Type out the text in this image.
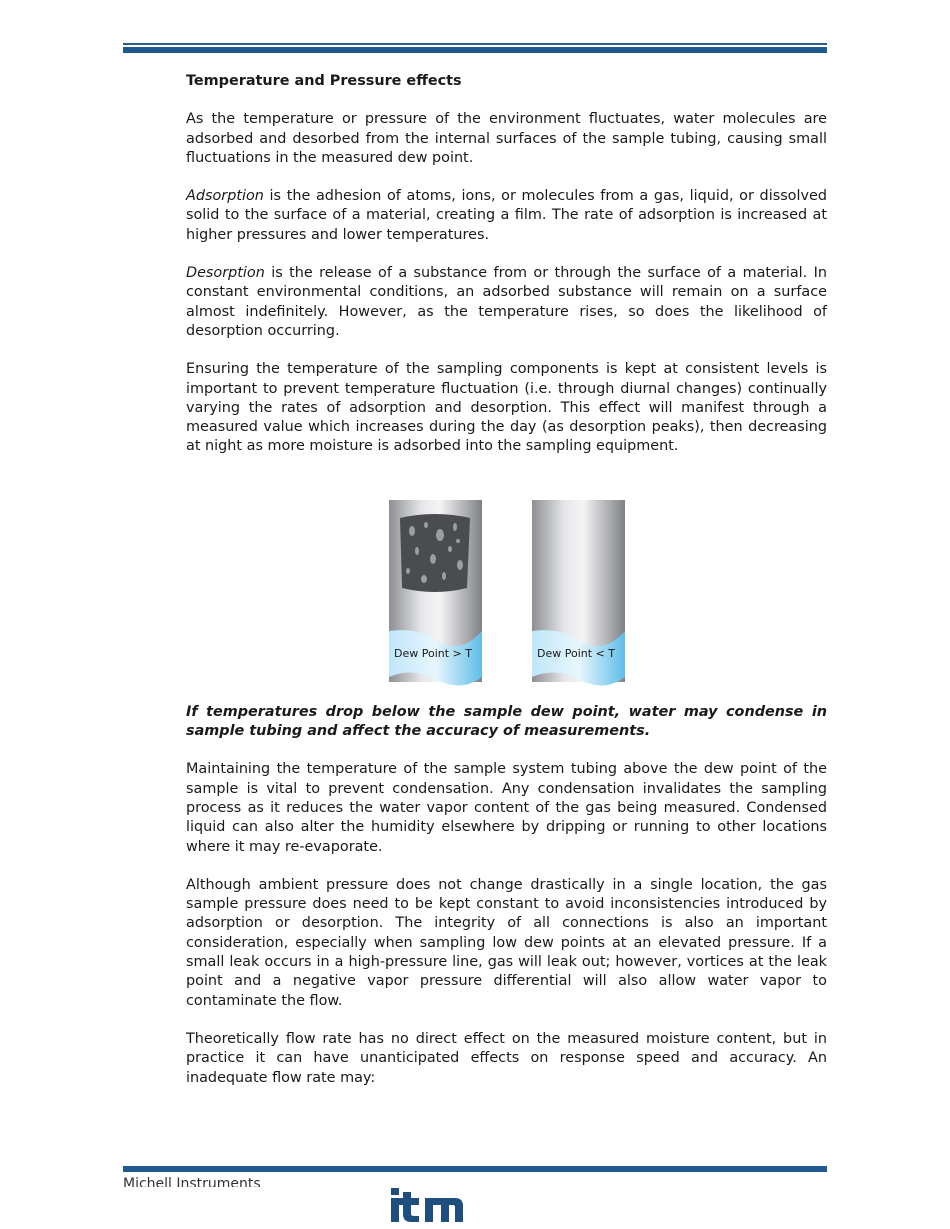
Temperature and Pressure effects

As the temperature or pressure of the environment fluctuates, water molecules are adsorbed and desorbed from the internal surfaces of the sample tubing, causing small fluctuations in the measured dew point.

Adsorption is the adhesion of atoms, ions, or molecules from a gas, liquid, or dissolved solid to the surface of a material, creating a film. The rate of adsorption is increased at higher pressures and lower temperatures.

Desorption is the release of a substance from or through the surface of a material. In constant environmental conditions, an adsorbed substance will remain on a surface almost indefinitely. However, as the temperature rises, so does the likelihood of desorption occurring.

Ensuring the temperature of the sampling components is kept at consistent levels is important to prevent temperature fluctuation (i.e. through diurnal changes) continually varying the rates of adsorption and desorption. This effect will manifest through a measured value which increases during the day (as desorption peaks), then decreasing at night as more moisture is adsorbed into the sampling equipment.

If temperatures drop below the sample dew point, water may condense in sample tubing and affect the accuracy of measurements.

Maintaining the temperature of the sample system tubing above the dew point of the sample is vital to prevent condensation. Any condensation invalidates the sampling process as it reduces the water vapor content of the gas being measured. Condensed liquid can also alter the humidity elsewhere by dripping or running to other locations where it may re-evaporate.

Although ambient pressure does not change drastically in a single location, the gas sample pressure does need to be kept constant to avoid inconsistencies introduced by adsorption or desorption. The integrity of all connections is also an important consideration, especially when sampling low dew points at an elevated pressure. If a small leak occurs in a high-pressure line, gas will leak out; however, vortices at the leak point and a negative vapor pressure differential will also allow water vapor to contaminate the flow.

Theoretically flow rate has no direct effect on the measured moisture content, but in practice it can have unanticipated effects on response speed and accuracy. An inadequate flow rate may:

Dew Point > T	Dew Point < T
Michell Instruments
